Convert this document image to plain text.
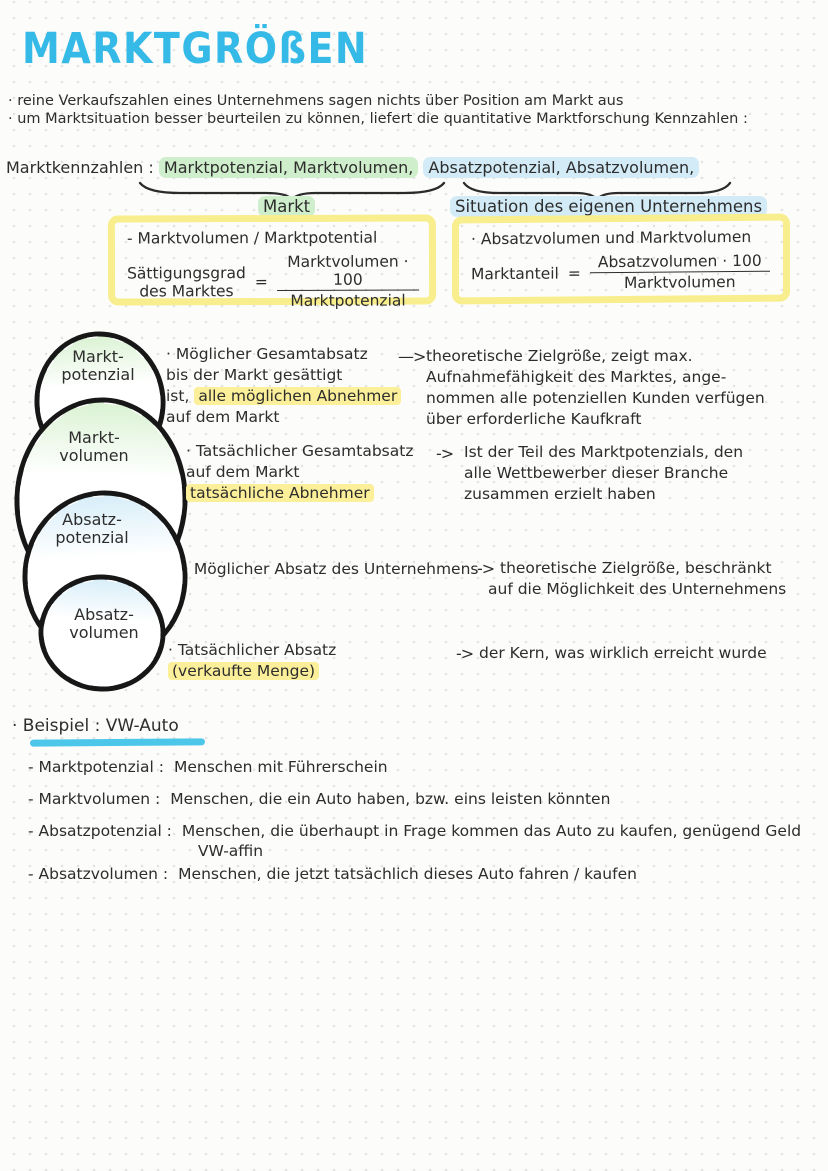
MARKTGRÖßEN
· reine Verkaufszahlen eines Unternehmens sagen nichts über Position am Markt aus
· um Marktsituation besser beurteilen zu können, liefert die quantitative Marktforschung Kennzahlen :
Marktkennzahlen : Marktpotenzial, Marktvolumen, Absatzpotenzial, Absatzvolumen,
Markt	Situation des eigenen Unternehmens
- Marktvolumen / Marktpotential
Sättigungsgrad
des Marktes
= $\frac{\text{Marktvolumen · 100}}{\text{Marktpotenzial}}$
· Absatzvolumen und Marktvolumen
Marktanteil = $\frac{\text{Absatzvolumen · 100}}{\text{Marktvolumen}}$
Markt-
potenzial
Markt-
volumen
Absatz-
potenzial
Absatz-
volumen
· Möglicher Gesamtabsatz
bis der Markt gesättigt
ist, alle möglichen Abnehmer
auf dem Markt
—> theoretische Zielgröße, zeigt max.
Aufnahmefähigkeit des Marktes, ange-
nommen alle potenziellen Kunden verfügen
über erforderliche Kaufkraft
· Tatsächlicher Gesamtabsatz
auf dem Markt
tatsächliche Abnehmer
-> Ist der Teil des Marktpotenzials, den
alle Wettbewerber dieser Branche
zusammen erzielt haben
· Möglicher Absatz des Unternehmens
-> theoretische Zielgröße, beschränkt
auf die Möglichkeit des Unternehmens
· Tatsächlicher Absatz
(verkaufte Menge)
-> der Kern, was wirklich erreicht wurde
· Beispiel : VW-Auto
- Marktpotenzial : Menschen mit Führerschein
- Marktvolumen : Menschen, die ein Auto haben, bzw. eins leisten könnten
- Absatzpotenzial : Menschen, die überhaupt in Frage kommen das Auto zu kaufen, genügend Geld
VW-affin
- Absatzvolumen : Menschen, die jetzt tatsächlich dieses Auto fahren / kaufen
